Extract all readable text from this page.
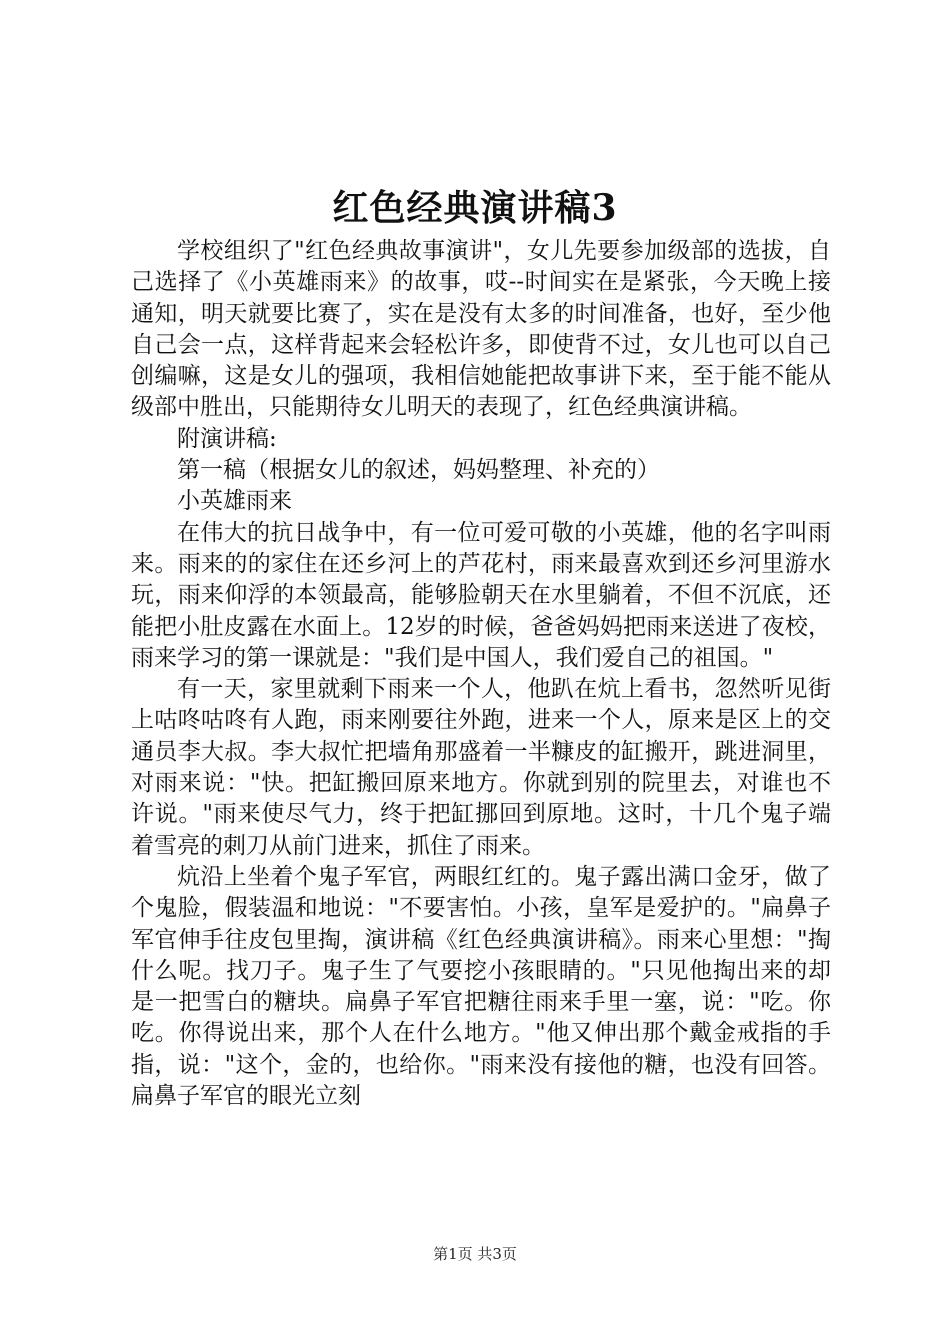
红色经典演讲稿3

学校组织了"红色经典故事演讲"，女儿先要参加级部的选拔，自己选择了《小英雄雨来》的故事，哎--时间实在是紧张，今天晚上接通知，明天就要比赛了，实在是没有太多的时间准备，也好，至少他自己会一点，这样背起来会轻松许多，即使背不过，女儿也可以自己创编嘛，这是女儿的强项，我相信她能把故事讲下来，至于能不能从级部中胜出，只能期待女儿明天的表现了，红色经典演讲稿。

附演讲稿:

第一稿（根据女儿的叙述，妈妈整理、补充的）

小英雄雨来

在伟大的抗日战争中，有一位可爱可敬的小英雄，他的名字叫雨来。雨来的的家住在还乡河上的芦花村，雨来最喜欢到还乡河里游水玩，雨来仰浮的本领最高，能够脸朝天在水里躺着，不但不沉底，还能把小肚皮露在水面上。12岁的时候，爸爸妈妈把雨来送进了夜校，雨来学习的第一课就是："我们是中国人，我们爱自己的祖国。"

有一天，家里就剩下雨来一个人，他趴在炕上看书，忽然听见街上咕咚咕咚有人跑，雨来刚要往外跑，进来一个人，原来是区上的交通员李大叔。李大叔忙把墙角那盛着一半糠皮的缸搬开，跳进洞里，对雨来说："快。把缸搬回原来地方。你就到别的院里去，对谁也不许说。"雨来使尽气力，终于把缸挪回到原地。这时，十几个鬼子端着雪亮的刺刀从前门进来，抓住了雨来。

炕沿上坐着个鬼子军官，两眼红红的。鬼子露出满口金牙，做了个鬼脸，假装温和地说："不要害怕。小孩，皇军是爱护的。"扁鼻子军官伸手往皮包里掏，演讲稿《红色经典演讲稿》。雨来心里想："掏什么呢。找刀子。鬼子生了气要挖小孩眼睛的。"只见他掏出来的却是一把雪白的糖块。扁鼻子军官把糖往雨来手里一塞，说："吃。你吃。你得说出来，那个人在什么地方。"他又伸出那个戴金戒指的手指，说："这个，金的，也给你。"雨来没有接他的糖，也没有回答。扁鼻子军官的眼光立刻

第1页 共3页
